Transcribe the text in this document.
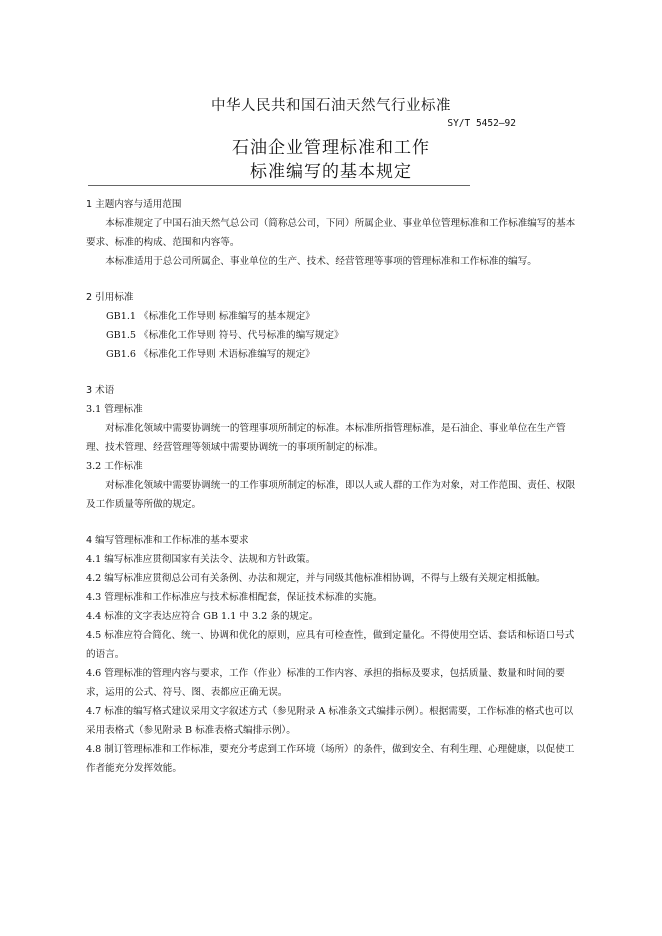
中华人民共和国石油天然气行业标准
SY/T 5452—92
石油企业管理标准和工作
标准编写的基本规定
1 主题内容与适用范围

本标准规定了中国石油天然气总公司（简称总公司，下同）所属企业、事业单位管理标准和工作标准编写的基本要求、标准的构成、范围和内容等。

本标准适用于总公司所属企、事业单位的生产、技术、经营管理等事项的管理标准和工作标准的编写。

2 引用标准

GB1.1 《标准化工作导则 标准编写的基本规定》

GB1.5 《标准化工作导则 符号、代号标准的编写规定》

GB1.6 《标准化工作导则 术语标准编写的规定》

3 术语

3.1 管理标准

对标准化领域中需要协调统一的管理事项所制定的标准。本标准所指管理标准，是石油企、事业单位在生产管理、技术管理、经营管理等领域中需要协调统一的事项所制定的标准。

3.2 工作标准

对标准化领域中需要协调统一的工作事项所制定的标准，即以人或人群的工作为对象，对工作范围、责任、权限及工作质量等所做的规定。

4 编写管理标准和工作标准的基本要求

4.1 编写标准应贯彻国家有关法令、法规和方针政策。

4.2 编写标准应贯彻总公司有关条例、办法和规定，并与同级其他标准相协调，不得与上级有关规定相抵触。

4.3 管理标准和工作标准应与技术标准相配套，保证技术标准的实施。

4.4 标准的文字表达应符合 GB 1.1 中 3.2 条的规定。

4.5 标准应符合简化、统一、协调和优化的原则，应具有可检查性，做到定量化。不得使用空话、套话和标语口号式的语言。

4.6 管理标准的管理内容与要求，工作（作业）标准的工作内容、承担的指标及要求，包括质量、数量和时间的要求，运用的公式、符号、图、表都应正确无误。

4.7 标准的编写格式建议采用文字叙述方式（参见附录 A 标准条文式编排示例）。根据需要，工作标准的格式也可以采用表格式（参见附录 B 标准表格式编排示例）。

4.8 制订管理标准和工作标准，要充分考虑到工作环境（场所）的条件，做到安全、有利生理、心理健康，以促使工作者能充分发挥效能。
